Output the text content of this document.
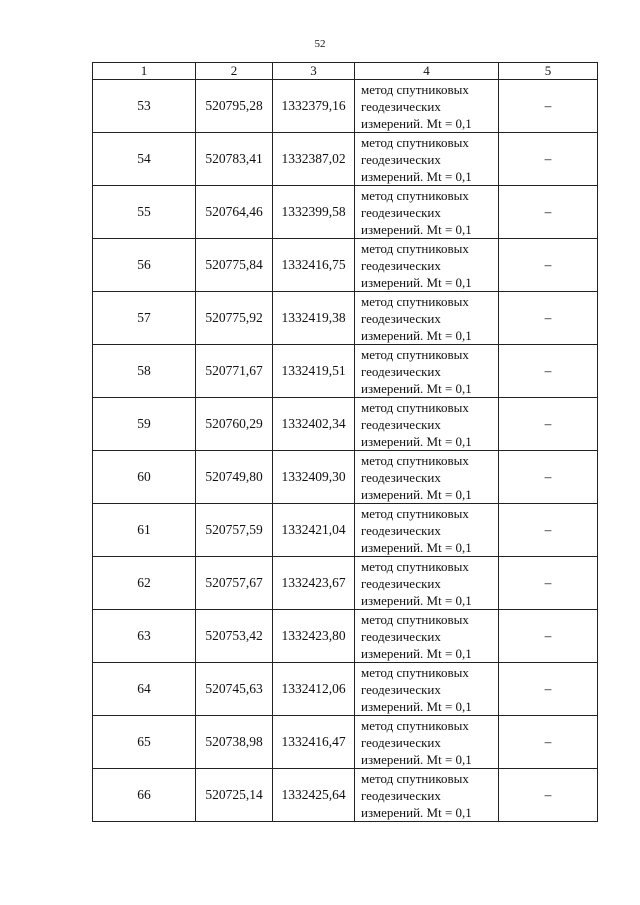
52
1	2	3	4	5
53	520795,28	1332379,16	метод спутниковых
геодезических
измерений. Mt = 0,1	–
54	520783,41	1332387,02	метод спутниковых
геодезических
измерений. Mt = 0,1	–
55	520764,46	1332399,58	метод спутниковых
геодезических
измерений. Mt = 0,1	–
56	520775,84	1332416,75	метод спутниковых
геодезических
измерений. Mt = 0,1	–
57	520775,92	1332419,38	метод спутниковых
геодезических
измерений. Mt = 0,1	–
58	520771,67	1332419,51	метод спутниковых
геодезических
измерений. Mt = 0,1	–
59	520760,29	1332402,34	метод спутниковых
геодезических
измерений. Mt = 0,1	–
60	520749,80	1332409,30	метод спутниковых
геодезических
измерений. Mt = 0,1	–
61	520757,59	1332421,04	метод спутниковых
геодезических
измерений. Mt = 0,1	–
62	520757,67	1332423,67	метод спутниковых
геодезических
измерений. Mt = 0,1	–
63	520753,42	1332423,80	метод спутниковых
геодезических
измерений. Mt = 0,1	–
64	520745,63	1332412,06	метод спутниковых
геодезических
измерений. Mt = 0,1	–
65	520738,98	1332416,47	метод спутниковых
геодезических
измерений. Mt = 0,1	–
66	520725,14	1332425,64	метод спутниковых
геодезических
измерений. Mt = 0,1	–
